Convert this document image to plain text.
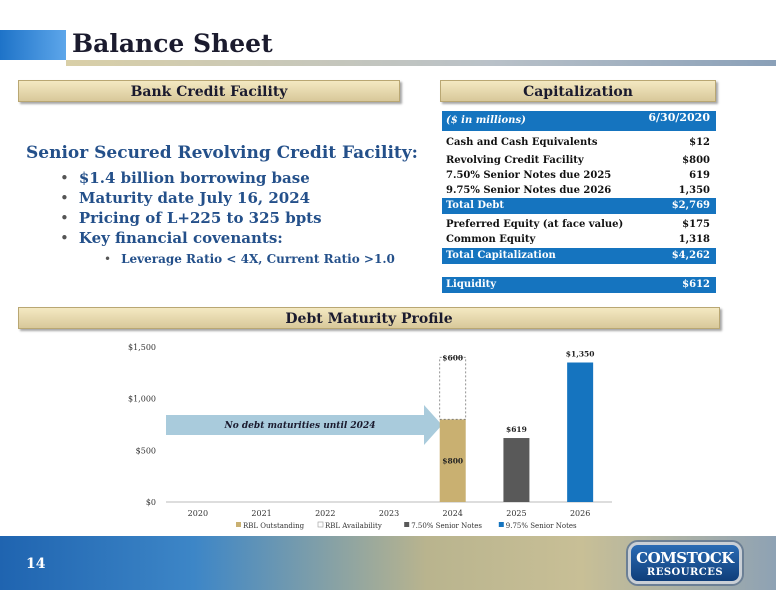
Balance Sheet
Bank Credit Facility	Capitalization
Debt Maturity Profile
Senior Secured Revolving Credit Facility:
• $1.4 billion borrowing base
• Maturity date July 16, 2024
• Pricing of L+225 to 325 bpts
• Key financial covenants:
• Leverage Ratio < 4X, Current Ratio >1.0
($ in millions)	6/30/2020
Cash and Cash Equivalents	$12
Revolving Credit Facility	$800
7.50% Senior Notes due 2025	619
9.75% Senior Notes due 2026	1,350
Total Debt	$2,769
Preferred Equity (at face value)	$175
Common Equity	1,318
Total Capitalization	$4,262
Liquidity	$612
$0
$500
$1,000
$1,500
No debt maturities until 2024
$800
$600
$619
$1,350
2020	2021	2022	2023	2024	2025	2026
RBL Outstanding	RBL Availability	7.50% Senior Notes	9.75% Senior Notes
14	COMSTOCK
RESOURCES
